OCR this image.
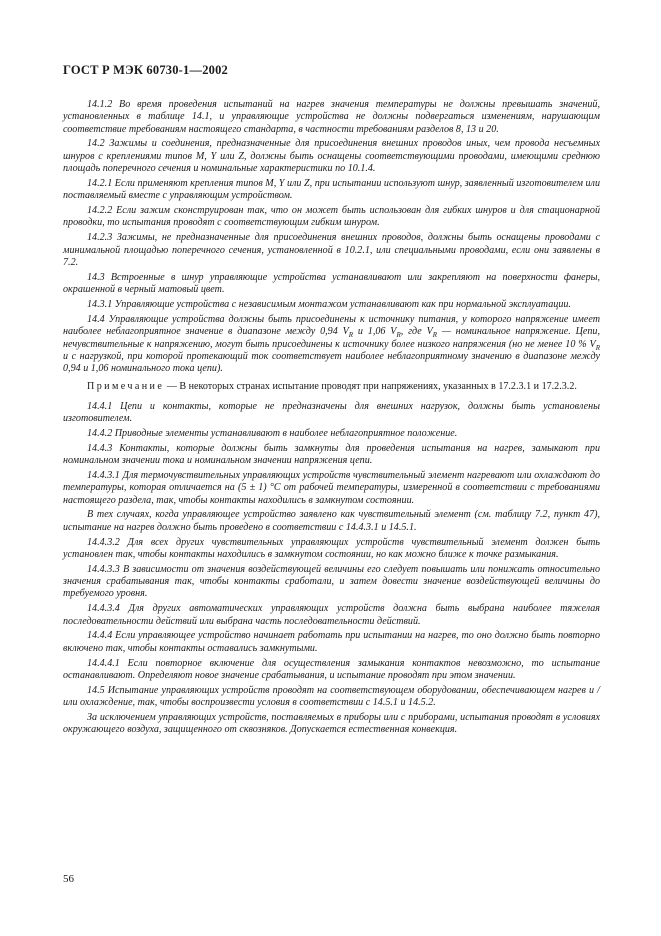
ГОСТ Р МЭК 60730-1—2002

14.1.2 Во время проведения испытаний на нагрев значения температуры не должны превышать значений, установленных в таблице 14.1, и управляющие устройства не должны подвергаться изменениям, нарушающим соответствие требованиям настоящего стандарта, в частности требованиям разделов 8, 13 и 20.

14.2 Зажимы и соединения, предназначенные для присоединения внешних проводов иных, чем провода несъемных шнуров с креплениями типов M, Y или Z, должны быть оснащены соответствующими проводами, имеющими среднюю площадь поперечного сечения и номинальные характеристики по 10.1.4.

14.2.1 Если применяют крепления типов M, Y или Z, при испытании используют шнур, заявленный изготовителем или поставляемый вместе с управляющим устройством.

14.2.2 Если зажим сконструирован так, что он может быть использован для гибких шнуров и для стационарной проводки, то испытания проводят с соответствующим гибким шнуром.

14.2.3 Зажимы, не предназначенные для присоединения внешних проводов, должны быть оснащены проводами с минимальной площадью поперечного сечения, установленной в 10.2.1, или специальными проводами, если они заявлены в 7.2.

14.3 Встроенные в шнур управляющие устройства устанавливают или закрепляют на поверхности фанеры, окрашенной в черный матовый цвет.

14.3.1 Управляющие устройства с независимым монтажом устанавливают как при нормальной эксплуатации.

14.4 Управляющие устройства должны быть присоединены к источнику питания, у которого напряжение имеет наиболее неблагоприятное значение в диапазоне между 0,94 $V_R$ и 1,06 $V_R$, где $V_R$ — номинальное напряжение. Цепи, нечувствительные к напряжению, могут быть присоединены к источнику более низкого напряжения (но не менее 10 % $V_R$ и с нагрузкой, при которой протекающий ток соответствует наиболее неблагоприятному значению в диапазоне между 0,94 и 1,06 номинального тока цепи).

Примечание — В некоторых странах испытание проводят при напряжениях, указанных в 17.2.3.1 и 17.2.3.2.

14.4.1 Цепи и контакты, которые не предназначены для внешних нагрузок, должны быть установлены изготовителем.

14.4.2 Приводные элементы устанавливают в наиболее неблагоприятное положение.

14.4.3 Контакты, которые должны быть замкнуты для проведения испытания на нагрев, замыкают при номинальном значении тока и номинальном значении напряжения цепи.

14.4.3.1 Для термочувствительных управляющих устройств чувствительный элемент нагревают или охлаждают до температуры, которая отличается на (5 ± 1) °С от рабочей температуры, измеренной в соответствии с требованиями настоящего раздела, так, чтобы контакты находились в замкнутом состоянии.

В тех случаях, когда управляющее устройство заявлено как чувствительный элемент (см. таблицу 7.2, пункт 47), испытание на нагрев должно быть проведено в соответствии с 14.4.3.1 и 14.5.1.

14.4.3.2 Для всех других чувствительных управляющих устройств чувствительный элемент должен быть установлен так, чтобы контакты находились в замкнутом состоянии, но как можно ближе к точке размыкания.

14.4.3.3 В зависимости от значения воздействующей величины его следует повышать или понижать относительно значения срабатывания так, чтобы контакты сработали, и затем довести значение воздействующей величины до требуемого уровня.

14.4.3.4 Для других автоматических управляющих устройств должна быть выбрана наиболее тяжелая последовательности действий или выбрана часть последовательности действий.

14.4.4 Если управляющее устройство начинает работать при испытании на нагрев, то оно должно быть повторно включено так, чтобы контакты оставались замкнутыми.

14.4.4.1 Если повторное включение для осуществления замыкания контактов невозможно, то испытание останавливают. Определяют новое значение срабатывания, и испытание проводят при этом значении.

14.5 Испытание управляющих устройств проводят на соответствующем оборудовании, обеспечивающем нагрев и /или охлаждение, так, чтобы воспроизвести условия в соответствии с 14.5.1 и 14.5.2.

За исключением управляющих устройств, поставляемых в приборы или с приборами, испытания проводят в условиях окружающего воздуха, защищенного от сквозняков. Допускается естественная конвекция.

56
